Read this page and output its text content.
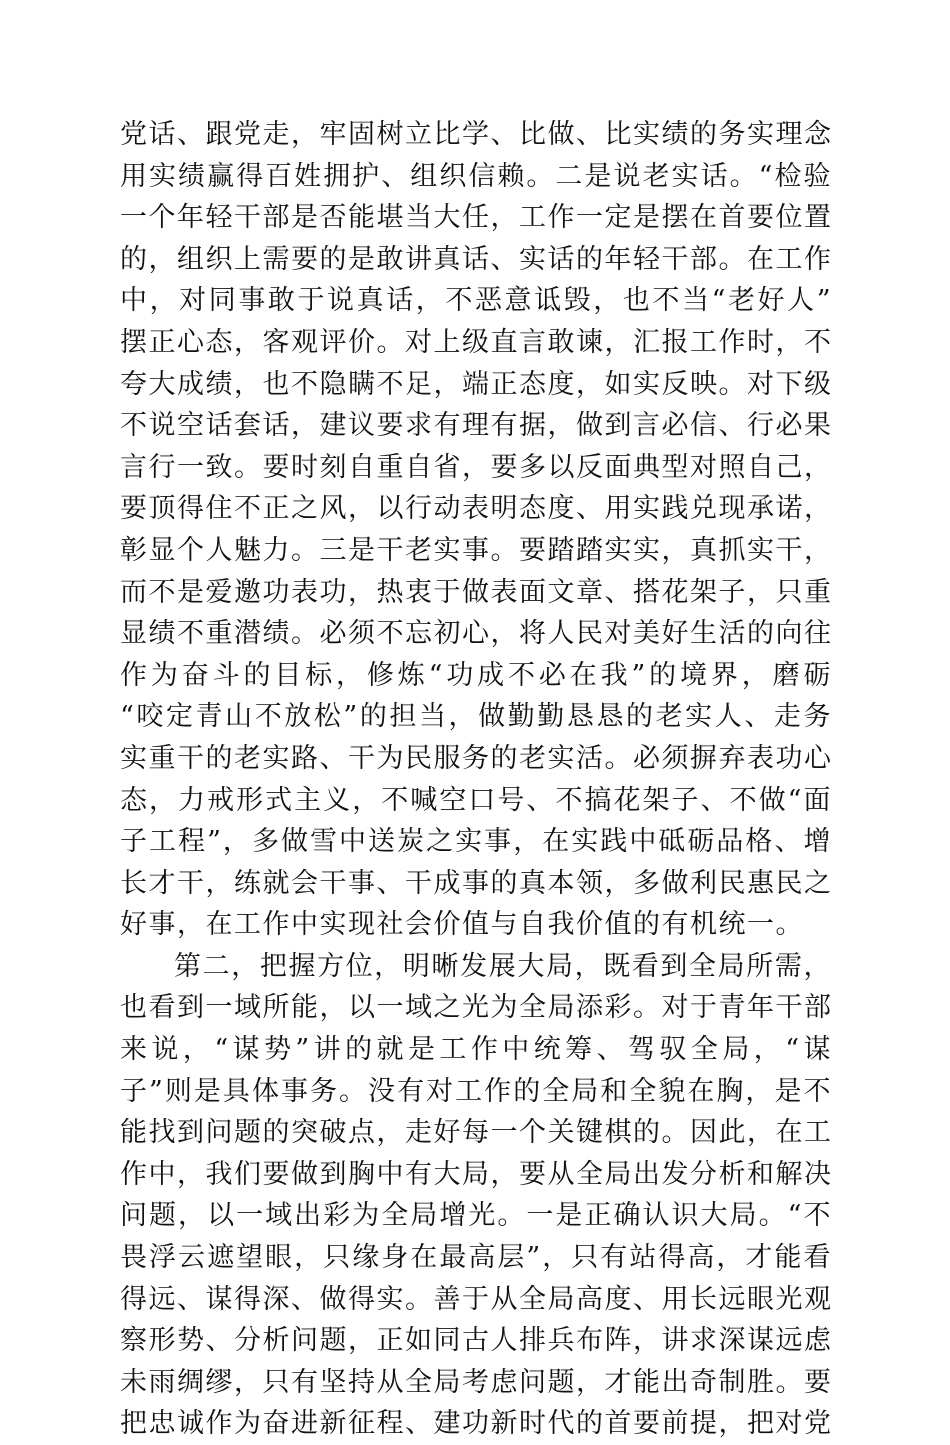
党话、跟党走，牢固树立比学、比做、比实绩的务实理念
用实绩赢得百姓拥护、组织信赖。二是说老实话。“检验
一个年轻干部是否能堪当大任，工作一定是摆在首要位置
的，组织上需要的是敢讲真话、实话的年轻干部。在工作
中，对同事敢于说真话，不恶意诋毁，也不当“老好人”
摆正心态，客观评价。对上级直言敢谏，汇报工作时，不
夸大成绩，也不隐瞒不足，端正态度，如实反映。对下级
不说空话套话，建议要求有理有据，做到言必信、行必果
言行一致。要时刻自重自省，要多以反面典型对照自己，
要顶得住不正之风，以行动表明态度、用实践兑现承诺，
彰显个人魅力。三是干老实事。要踏踏实实，真抓实干，
而不是爱邀功表功，热衷于做表面文章、搭花架子，只重
显绩不重潜绩。必须不忘初心，将人民对美好生活的向往
作为奋斗的目标，修炼“功成不必在我”的境界，磨砺
“咬定青山不放松”的担当，做勤勤恳恳的老实人、走务
实重干的老实路、干为民服务的老实活。必须摒弃表功心
态，力戒形式主义，不喊空口号、不搞花架子、不做“面
子工程”，多做雪中送炭之实事，在实践中砥砺品格、增
长才干，练就会干事、干成事的真本领，多做利民惠民之
好事，在工作中实现社会价值与自我价值的有机统一。
第二，把握方位，明晰发展大局，既看到全局所需，
也看到一域所能，以一域之光为全局添彩。对于青年干部
来说，“谋势”讲的就是工作中统筹、驾驭全局，“谋
子”则是具体事务。没有对工作的全局和全貌在胸，是不
能找到问题的突破点，走好每一个关键棋的。因此，在工
作中，我们要做到胸中有大局，要从全局出发分析和解决
问题，以一域出彩为全局增光。一是正确认识大局。“不
畏浮云遮望眼，只缘身在最高层”，只有站得高，才能看
得远、谋得深、做得实。善于从全局高度、用长远眼光观
察形势、分析问题，正如同古人排兵布阵，讲求深谋远虑
未雨绸缪，只有坚持从全局考虑问题，才能出奇制胜。要
把忠诚作为奋进新征程、建功新时代的首要前提，把对党
